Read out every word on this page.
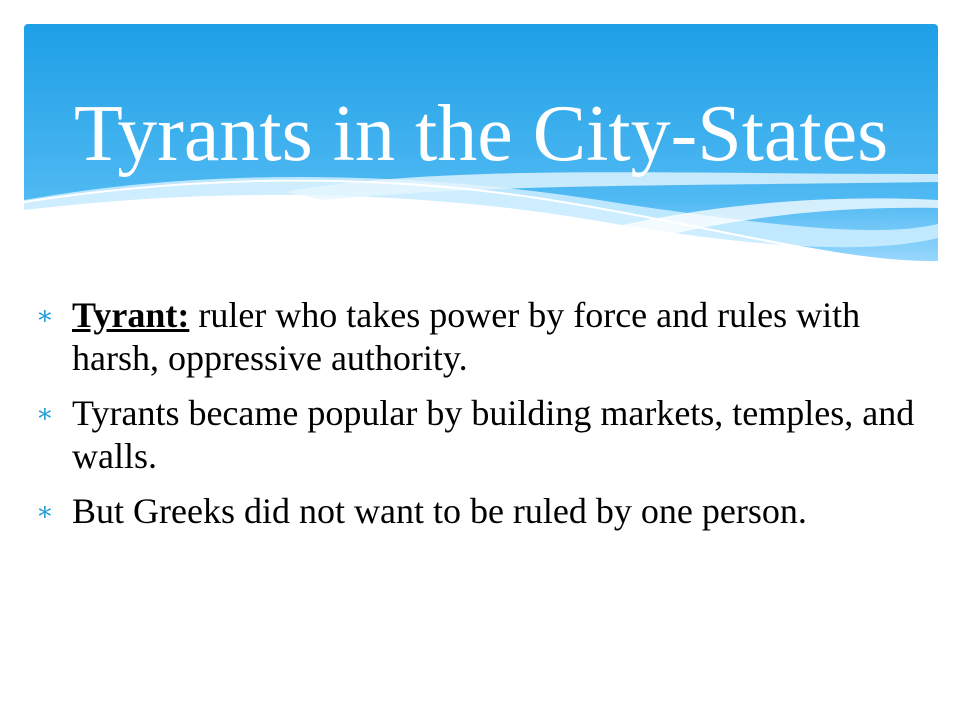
Tyrants in the City-States
∗ Tyrant: ruler who takes power by force and rules with harsh, oppressive authority.
∗ Tyrants became popular by building markets, temples, and walls.
∗ But Greeks did not want to be ruled by one person.
